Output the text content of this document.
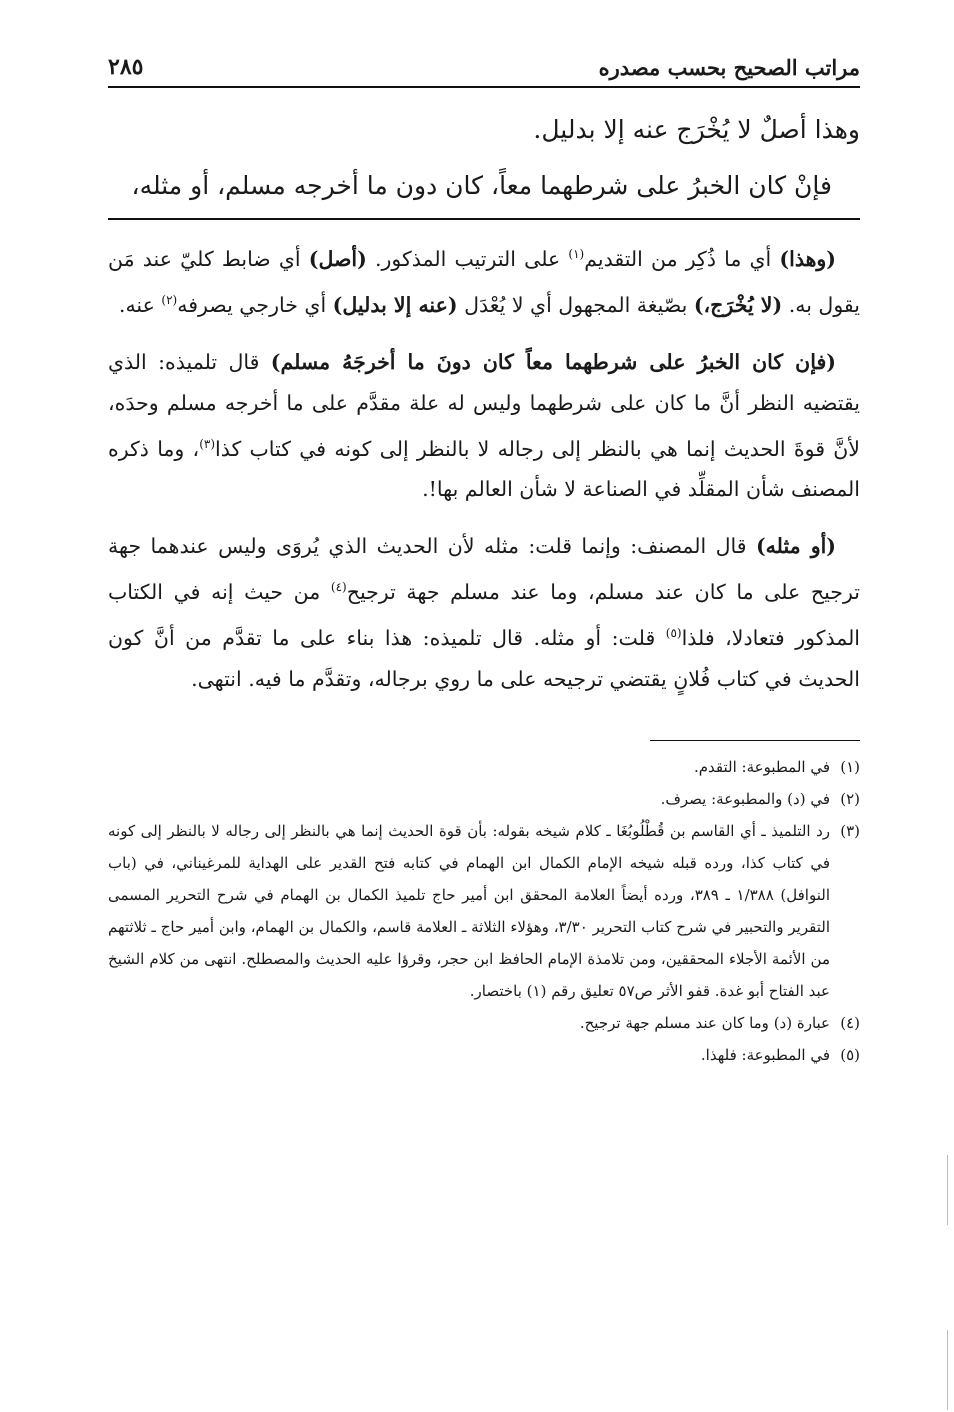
مراتب الصحيح بحسب مصدره
٢٨٥

وهذا أصلٌ لا يُخْرَج عنه إلا بدليل.

فإنْ كان الخبرُ على شرطهما معاً، كان دون ما أخرجه مسلم، أو مثله،

(وهذا) أي ما ذُكِر من التقديم$^{(١)}$ على الترتيب المذكور. (أصل) أي ضابط كليّ عند مَن يقول به. (لا يُخْرَج،) بصّيغة المجهول أي لا يُعْدَل (عنه إلا بدليل) أي خارجي يصرفه$^{(٢)}$ عنه.

(فإن كان الخبرُ على شرطهما معاً كان دونَ ما أخرجَهُ مسلم) قال تلميذه: الذي يقتضيه النظر أنَّ ما كان على شرطهما وليس له علة مقدَّم على ما أخرجه مسلم وحدَه، لأنَّ قوةَ الحديث إنما هي بالنظر إلى رجاله لا بالنظر إلى كونه في كتاب كذا$^{(٣)}$، وما ذكره المصنف شأن المقلِّد في الصناعة لا شأن العالم بها!.

(أو مثله) قال المصنف: وإنما قلت: مثله لأن الحديث الذي يُروَى وليس عندهما جهة ترجيح على ما كان عند مسلم، وما عند مسلم جهة ترجيح$^{(٤)}$ من حيث إنه في الكتاب المذكور فتعادلا، فلذا$^{(٥)}$ قلت: أو مثله. قال تلميذه: هذا بناء على ما تقدَّم من أنَّ كون الحديث في كتاب فُلانٍ يقتضي ترجيحه على ما روي برجاله، وتقدَّم ما فيه. انتهى.

(١)
في المطبوعة: التقدم.
(٢)
في (د) والمطبوعة: يصرف.
(٣)
رد التلميذ ـ أي القاسم بن قُطْلُوبُغَا ـ كلام شيخه بقوله: بأن قوة الحديث إنما هي بالنظر إلى رجاله لا بالنظر إلى كونه في كتاب كذا، ورده قبله شيخه الإمام الكمال ابن الهمام في كتابه فتح القدير على الهداية للمرغيناني، في (باب النوافل) ١/٣٨٨ ـ ٣٨٩، ورده أيضاً العلامة المحقق ابن أمير حاج تلميذ الكمال بن الهمام في شرح التحرير المسمى التقرير والتحبير في شرح كتاب التحرير ٣/٣٠، وهؤلاء الثلاثة ـ العلامة قاسم، والكمال بن الهمام، وابن أمير حاج ـ ثلاثتهم من الأئمة الأجلاء المحققين، ومن تلامذة الإمام الحافظ ابن حجر، وقرؤا عليه الحديث والمصطلح. انتهى من كلام الشيخ عبد الفتاح أبو غدة. قفو الأثر ص٥٧ تعليق رقم (١) باختصار.
(٤)
عبارة (د) وما كان عند مسلم جهة ترجيح.
(٥)
في المطبوعة: فلهذا.
